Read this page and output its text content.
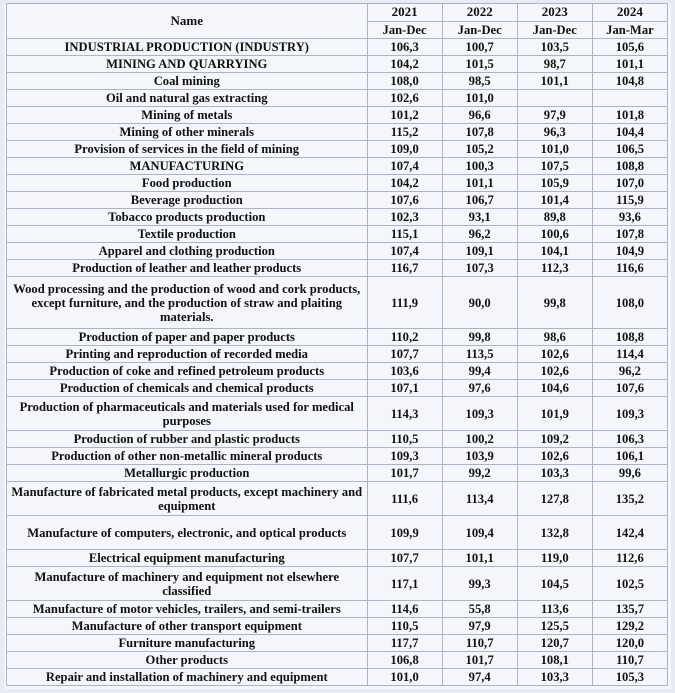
Name	2021	2022	2023	2024
	Jan-Dec	Jan-Dec	Jan-Dec	Jan-Mar
INDUSTRIAL PRODUCTION (INDUSTRY)	106,3	100,7	103,5	105,6
MINING AND QUARRYING	104,2	101,5	98,7	101,1
Coal mining	108,0	98,5	101,1	104,8
Oil and natural gas extracting	102,6	101,0		
Mining of metals	101,2	96,6	97,9	101,8
Mining of other minerals	115,2	107,8	96,3	104,4
Provision of services in the field of mining	109,0	105,2	101,0	106,5
MANUFACTURING	107,4	100,3	107,5	108,8
Food production	104,2	101,1	105,9	107,0
Beverage production	107,6	106,7	101,4	115,9
Tobacco products production	102,3	93,1	89,8	93,6
Textile production	115,1	96,2	100,6	107,8
Apparel and clothing production	107,4	109,1	104,1	104,9
Production of leather and leather products	116,7	107,3	112,3	116,6
Wood processing and the production of wood and cork products, except furniture, and the production of straw and plaiting materials.	111,9	90,0	99,8	108,0
Production of paper and paper products	110,2	99,8	98,6	108,8
Printing and reproduction of recorded media	107,7	113,5	102,6	114,4
Production of coke and refined petroleum products	103,6	99,4	102,6	96,2
Production of chemicals and chemical products	107,1	97,6	104,6	107,6
Production of pharmaceuticals and materials used for medical purposes	114,3	109,3	101,9	109,3
Production of rubber and plastic products	110,5	100,2	109,2	106,3
Production of other non-metallic mineral products	109,3	103,9	102,6	106,1
Metallurgic production	101,7	99,2	103,3	99,6
Manufacture of fabricated metal products, except machinery and equipment	111,6	113,4	127,8	135,2
Manufacture of computers, electronic, and optical products	109,9	109,4	132,8	142,4
Electrical equipment manufacturing	107,7	101,1	119,0	112,6
Manufacture of machinery and equipment not elsewhere classified	117,1	99,3	104,5	102,5
Manufacture of motor vehicles, trailers, and semi-trailers	114,6	55,8	113,6	135,7
Manufacture of other transport equipment	110,5	97,9	125,5	129,2
Furniture manufacturing	117,7	110,7	120,7	120,0
Other products	106,8	101,7	108,1	110,7
Repair and installation of machinery and equipment	101,0	97,4	103,3	105,3
